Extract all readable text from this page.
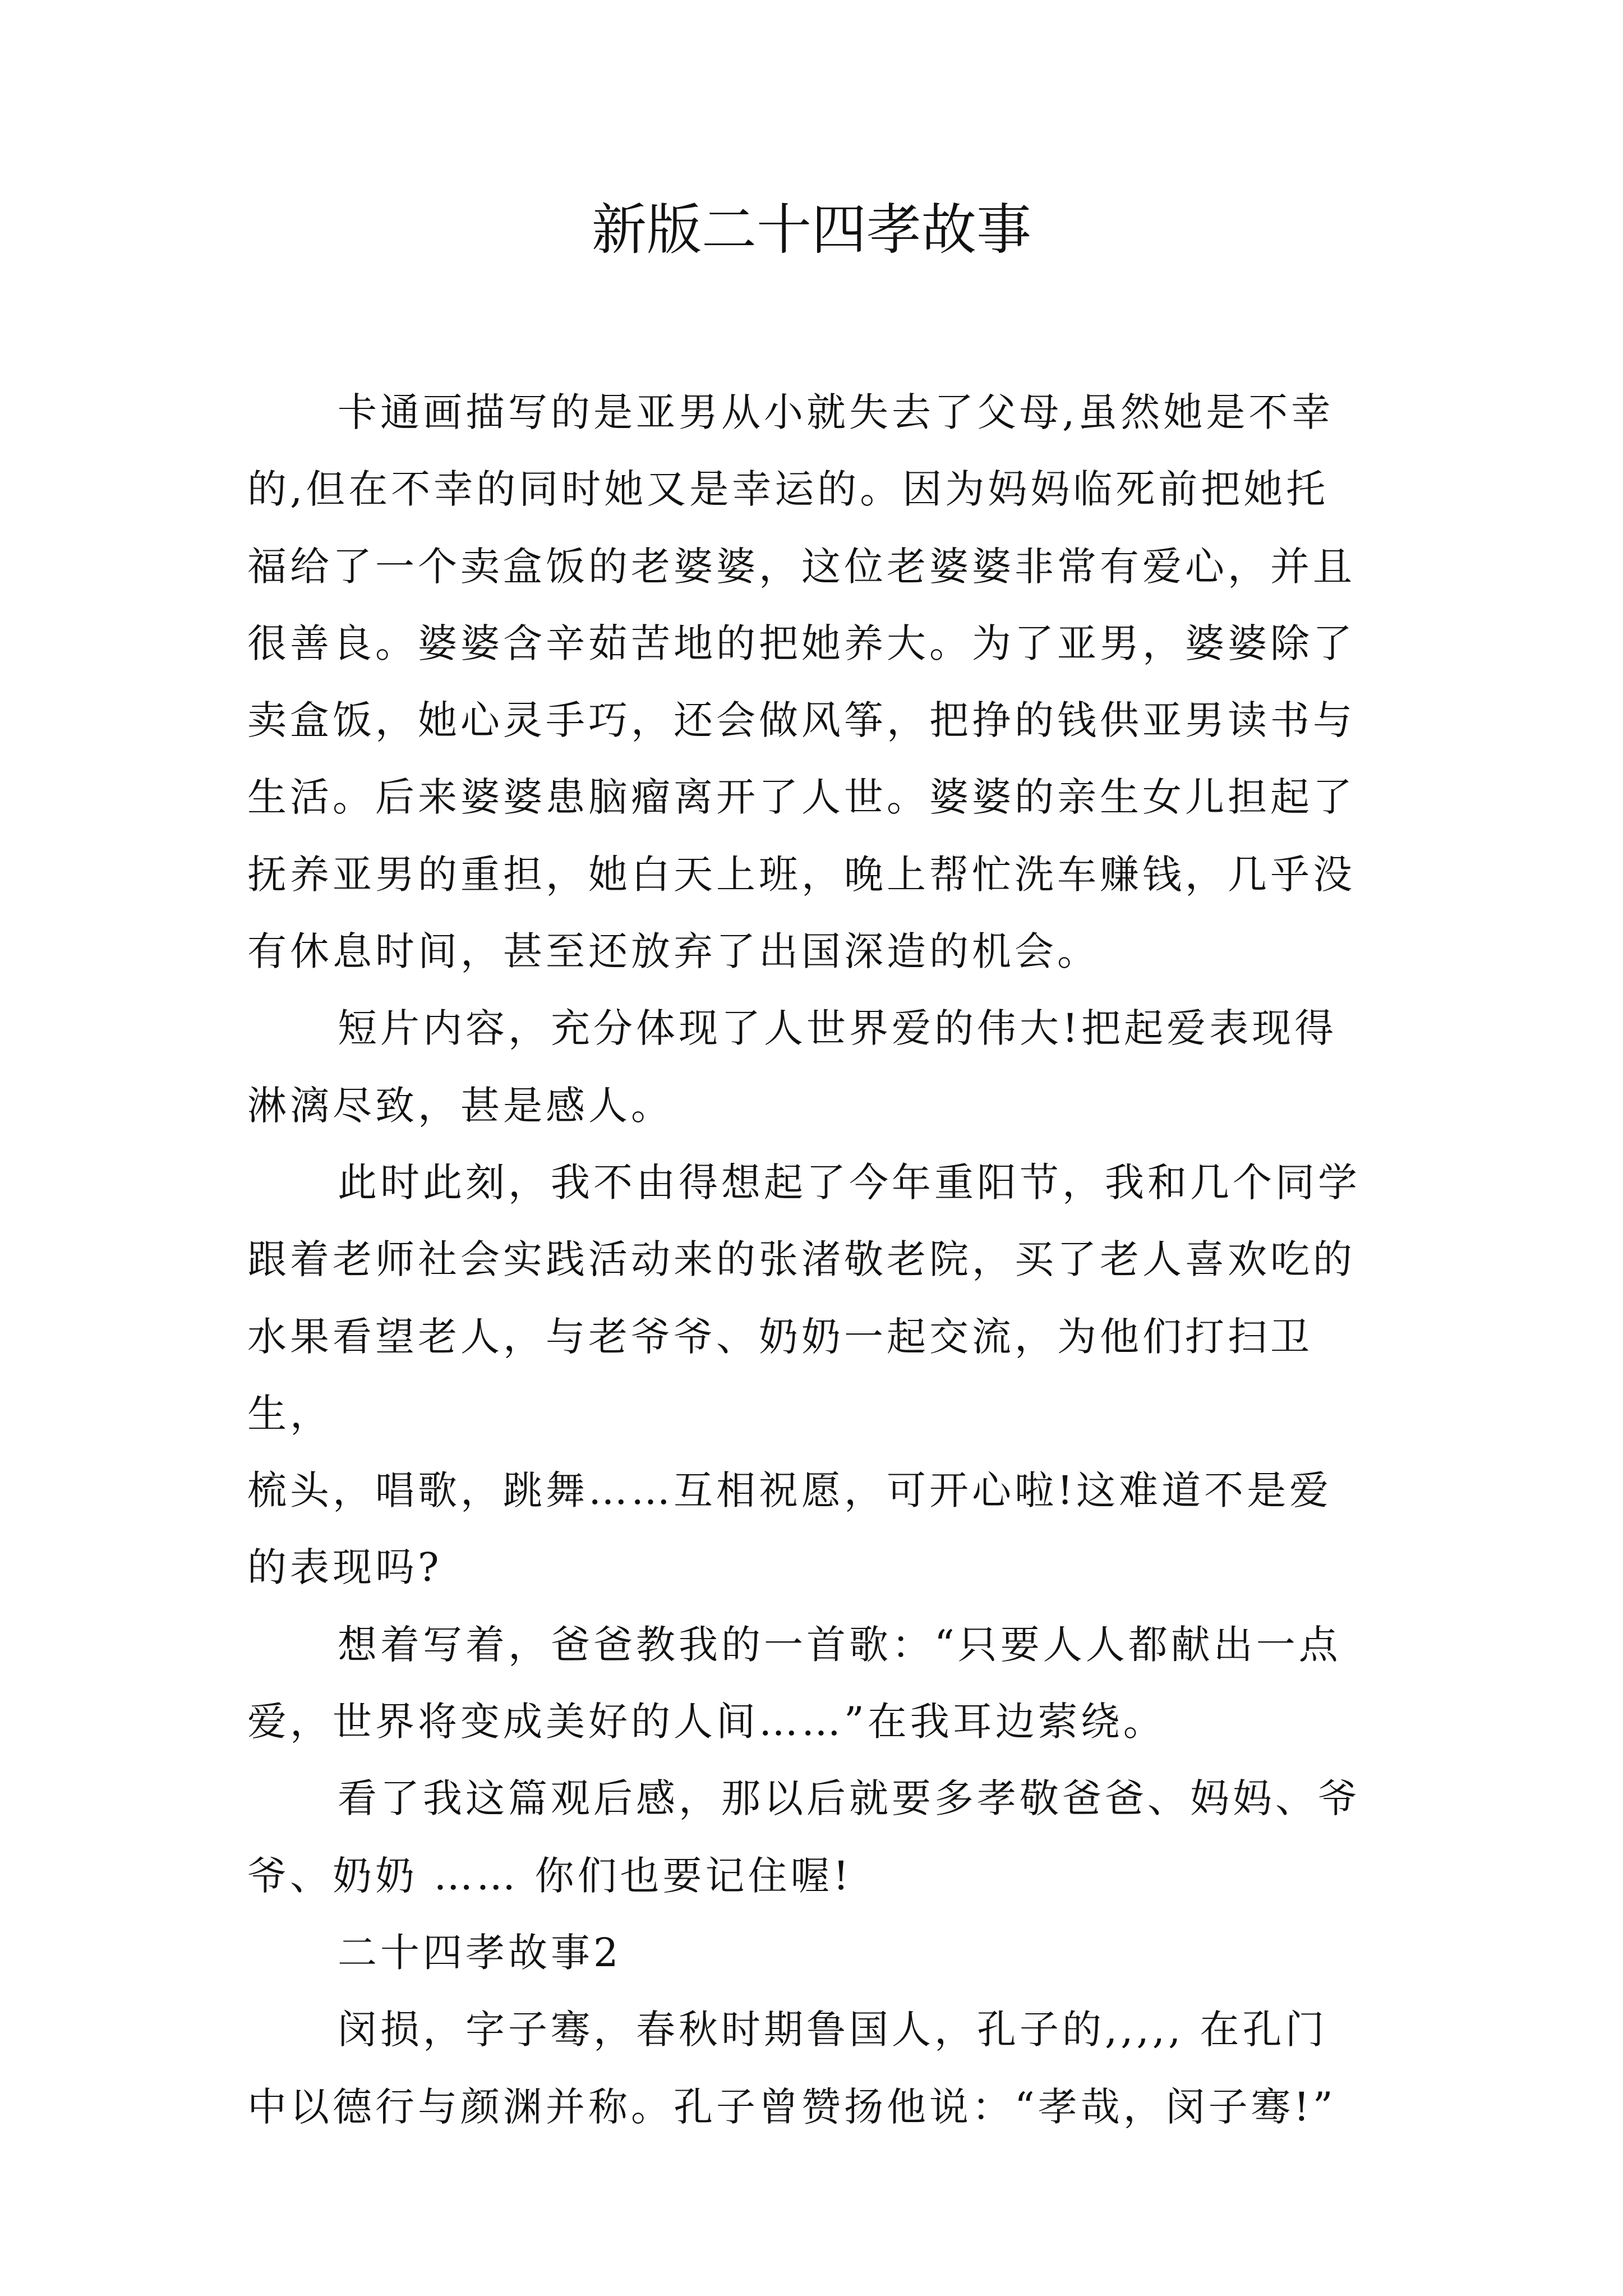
新版二十四孝故事

卡通画描写的是亚男从小就失去了父母,虽然她是不幸
的,但在不幸的同时她又是幸运的。因为妈妈临死前把她托
福给了一个卖盒饭的老婆婆，这位老婆婆非常有爱心，并且
很善良。婆婆含辛茹苦地的把她养大。为了亚男，婆婆除了
卖盒饭，她心灵手巧，还会做风筝，把挣的钱供亚男读书与
生活。后来婆婆患脑瘤离开了人世。婆婆的亲生女儿担起了
抚养亚男的重担，她白天上班，晚上帮忙洗车赚钱，几乎没
有休息时间，甚至还放弃了出国深造的机会。

短片内容，充分体现了人世界爱的伟大!把起爱表现得
淋漓尽致，甚是感人。

此时此刻，我不由得想起了今年重阳节，我和几个同学
跟着老师社会实践活动来的张渚敬老院，买了老人喜欢吃的
水果看望老人，与老爷爷、奶奶一起交流，为他们打扫卫生，
梳头，唱歌，跳舞……互相祝愿，可开心啦!这难道不是爱
的表现吗?

想着写着，爸爸教我的一首歌：“只要人人都献出一点
爱，世界将变成美好的人间……”在我耳边萦绕。

看了我这篇观后感，那以后就要多孝敬爸爸、妈妈、爷
爷、奶奶 …… 你们也要记住喔!

二十四孝故事2

闵损，字子骞，春秋时期鲁国人，孔子的,,,,, 在孔门
中以德行与颜渊并称。孔子曾赞扬他说：“孝哉，闵子骞!”
